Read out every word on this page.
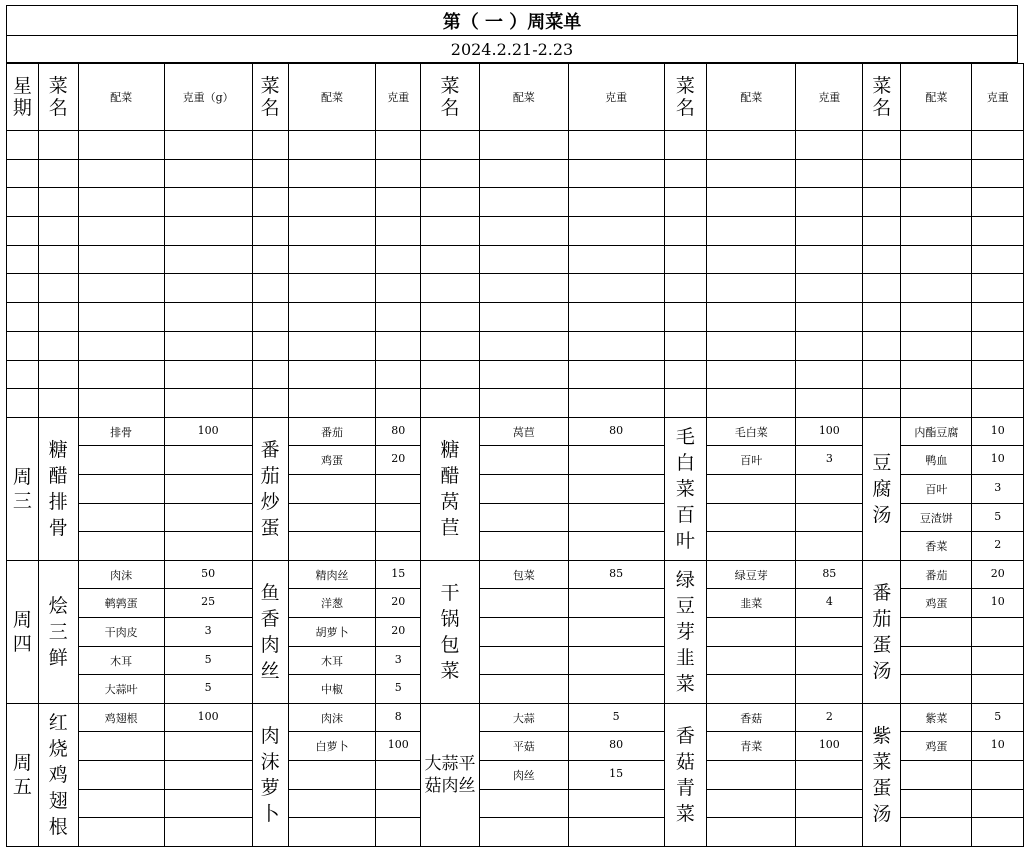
第（ 一 ）周菜单
2024.2.21-2.23
星期	菜名	配菜	克重（g）	菜名	配菜	克重	菜名	配菜	克重	菜名	配菜	克重	菜名	配菜	克重

周三	糖醋排骨	排骨	100	番茄炒蛋	番茄	80	糖醋莴苣	莴苣	80	毛白菜百叶	毛白菜	100	豆腐汤	内酯豆腐	10
					鸡蛋	20					百叶	3		鸭血	10
														百叶	3
														豆渣饼	5
														香菜	2
周四	烩三鲜	肉沫	50	鱼香肉丝	精肉丝	15	干锅包菜	包菜	85	绿豆芽韭菜	绿豆芽	85	番茄蛋汤	番茄	20
		鹌鹑蛋	25		洋葱	20					韭菜	4		鸡蛋	10
		干肉皮	3		胡萝卜	20									
		木耳	5		木耳	3									
		大蒜叶	5		中椒	5									
周五	红烧鸡翅根	鸡翅根	100	肉沫萝卜	肉沫	8	大蒜平菇肉丝	大蒜	5	香菇青菜	香菇	2	紫菜蛋汤	紫菜	5
					白萝卜	100		平菇	80		青菜	100		鸡蛋	10
								肉丝	15						
